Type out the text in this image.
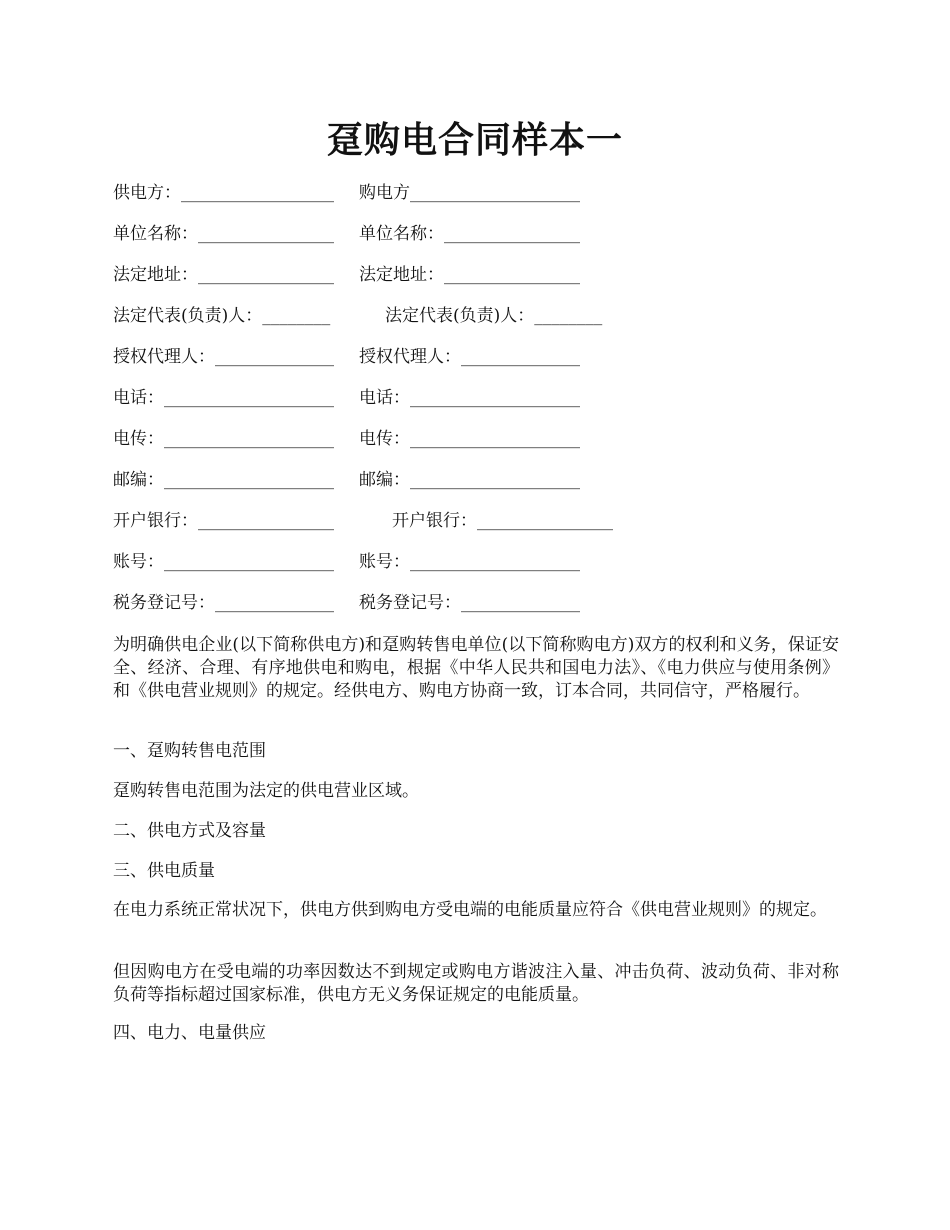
趸购电合同样本一
供电方：__________________ 购电方____________________
单位名称：________________ 单位名称：________________
法定地址：________________ 法定地址：________________
法定代表(负责)人：________	法定代表(负责)人：________
授权代理人：______________ 授权代理人：______________
电话：____________________ 电话：____________________
电传：____________________ 电传：____________________
邮编：____________________ 邮编：____________________
开户银行：________________	开户银行：________________
账号：____________________ 账号：____________________
税务登记号：______________ 税务登记号：______________
为明确供电企业(以下简称供电方)和趸购转售电单位(以下简称购电方)双方的权利和义务，保证安全、经济、合理、有序地供电和购电，根据《中华人民共和国电力法》、《电力供应与使用条例》和《供电营业规则》的规定。经供电方、购电方协商一致，订本合同，共同信守，严格履行。
一、趸购转售电范围
趸购转售电范围为法定的供电营业区域。
二、供电方式及容量
三、供电质量
在电力系统正常状况下，供电方供到购电方受电端的电能质量应符合《供电营业规则》的规定。
但因购电方在受电端的功率因数达不到规定或购电方谐波注入量、冲击负荷、波动负荷、非对称负荷等指标超过国家标准，供电方无义务保证规定的电能质量。
四、电力、电量供应
